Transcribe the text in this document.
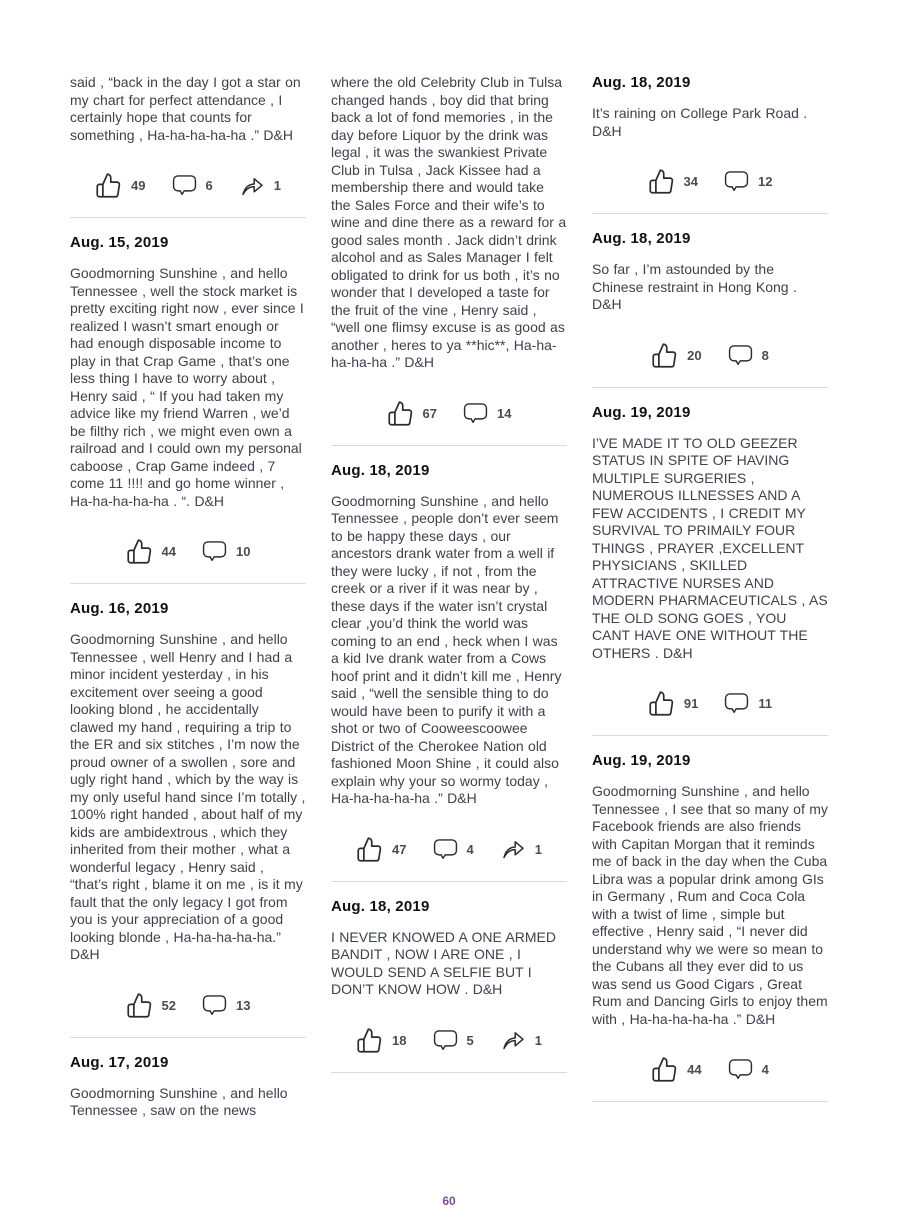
said , “back in the day I got a star on my chart for perfect attendance , I certainly hope that counts for something , Ha-ha-ha-ha-ha .” D&H

49	6	1
Aug. 15, 2019

Goodmorning Sunshine , and hello Tennessee , well the stock market is pretty exciting right now , ever since I realized I wasn’t smart enough or had enough disposable income to play in that Crap Game , that’s one less thing I have to worry about , Henry said , “ If you had taken my advice like my friend Warren , we’d be filthy rich , we might even own a railroad and I could own my personal caboose , Crap Game indeed , 7 come 11 !!!! and go home winner , Ha-ha-ha-ha-ha . “. D&H

44	10
Aug. 16, 2019

Goodmorning Sunshine , and hello Tennessee , well Henry and I had a minor incident yesterday , in his excitement over seeing a good looking blond , he accidentally clawed my hand , requiring a trip to the ER and six stitches , I’m now the proud owner of a swollen , sore and ugly right hand , which by the way is my only useful hand since I’m totally , 100% right handed , about half of my kids are ambidextrous , which they inherited from their mother , what a wonderful legacy , Henry said , “that’s right , blame it on me , is it my fault that the only legacy I got from you is your appreciation of a good looking blonde , Ha-ha-ha-ha-ha.” D&H

52	13
Aug. 17, 2019

Goodmorning Sunshine , and hello Tennessee , saw on the news

where the old Celebrity Club in Tulsa changed hands , boy did that bring back a lot of fond memories , in the day before Liquor by the drink was legal , it was the swankiest Private Club in Tulsa , Jack Kissee had a membership there and would take the Sales Force and their wife’s to wine and dine there as a reward for a good sales month . Jack didn’t drink alcohol and as Sales Manager I felt obligated to drink for us both , it’s no wonder that I developed a taste for the fruit of the vine , Henry said , “well one flimsy excuse is as good as another , heres to ya **hic**, Ha-ha-ha-ha-ha .” D&H

67	14
Aug. 18, 2019

Goodmorning Sunshine , and hello Tennessee , people don’t ever seem to be happy these days , our ancestors drank water from a well if they were lucky , if not , from the creek or a river if it was near by , these days if the water isn’t crystal clear ,you’d think the world was coming to an end , heck when I was a kid Ive drank water from a Cows hoof print and it didn’t kill me , Henry said , “well the sensible thing to do would have been to purify it with a shot or two of Cooweescoowee District of the Cherokee Nation old fashioned Moon Shine , it could also explain why your so wormy today , Ha-ha-ha-ha-ha .” D&H

47	4	1
Aug. 18, 2019

I NEVER KNOWED A ONE ARMED BANDIT , NOW I ARE ONE , I WOULD SEND A SELFIE BUT I DON’T KNOW HOW . D&H

18	5	1
Aug. 18, 2019

It’s raining on College Park Road . D&H

34	12
Aug. 18, 2019

So far , I’m astounded by the Chinese restraint in Hong Kong . D&H

20	8
Aug. 19, 2019

I’VE MADE IT TO OLD GEEZER STATUS IN SPITE OF HAVING MULTIPLE SURGERIES , NUMEROUS ILLNESSES AND A FEW ACCIDENTS , I CREDIT MY SURVIVAL TO PRIMAILY FOUR THINGS , PRAYER ,EXCELLENT PHYSICIANS , SKILLED ATTRACTIVE NURSES AND MODERN PHARMACEUTICALS , AS THE OLD SONG GOES , YOU CANT HAVE ONE WITHOUT THE OTHERS . D&H

91	11
Aug. 19, 2019

Goodmorning Sunshine , and hello Tennessee , I see that so many of my Facebook friends are also friends with Capitan Morgan that it reminds me of back in the day when the Cuba Libra was a popular drink among GIs in Germany , Rum and Coca Cola with a twist of lime , simple but effective , Henry said , “I never did understand why we were so mean to the Cubans all they ever did to us was send us Good Cigars , Great Rum and Dancing Girls to enjoy them with , Ha-ha-ha-ha-ha .” D&H

44	4
60
